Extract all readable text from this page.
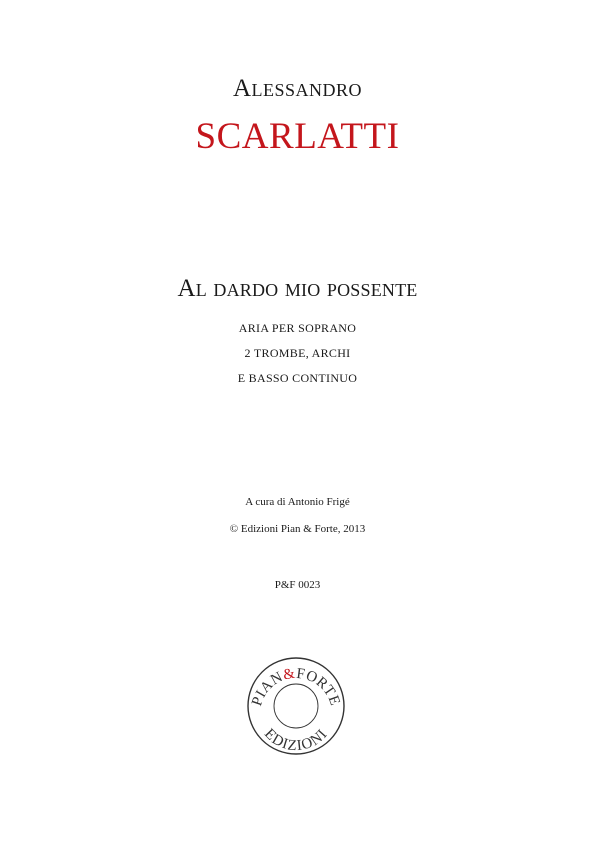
Alessandro
SCARLATTI
Al dardo mio possente
ARIA PER SOPRANO
2 TROMBE, ARCHI
E BASSO CONTINUO
A cura di Antonio Frigé
© Edizioni Pian & Forte, 2013
P&F 0023
PIAN&FORTE
EDIZIONI
